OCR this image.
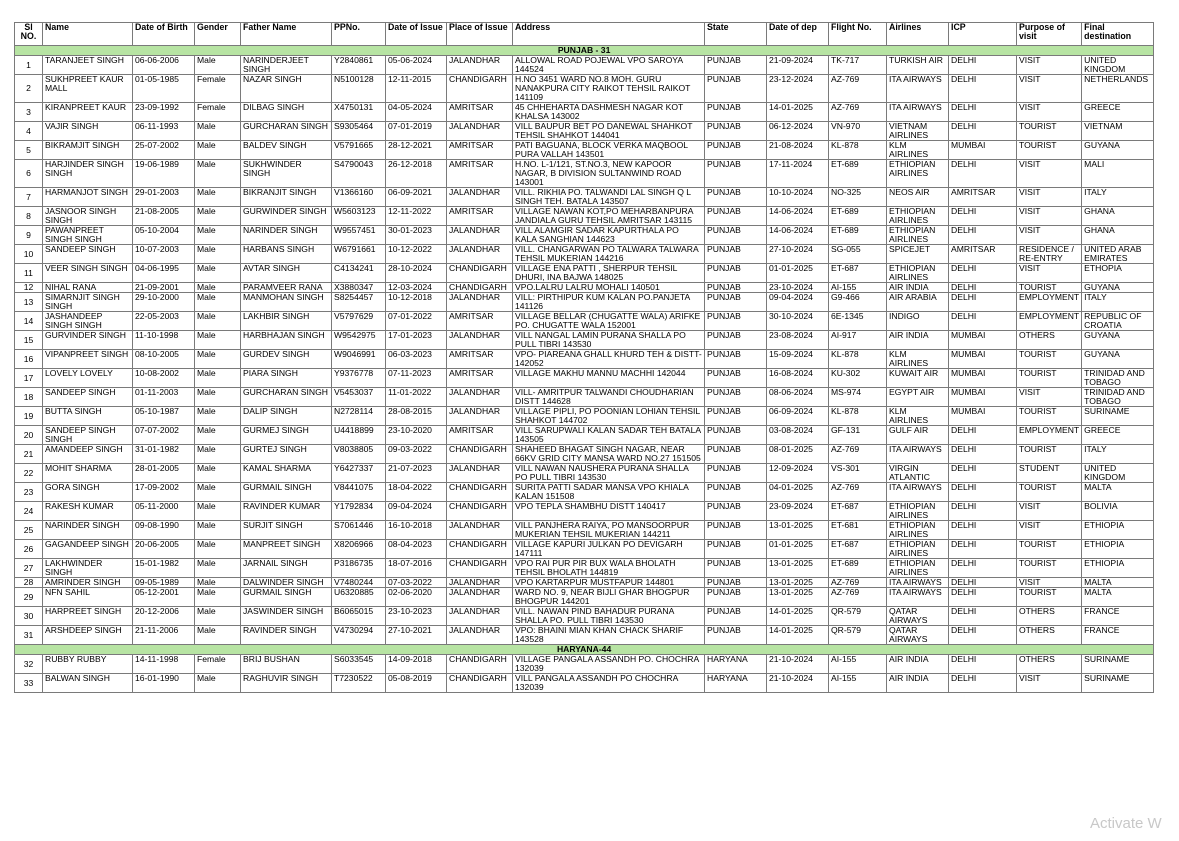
Sl NO.	Name	Date of Birth	Gender	Father Name	PPNo.	Date of Issue	Place of Issue	Address	State	Date of dep	Flight No.	Airlines	ICP	Purpose of visit	Final destination
PUNJAB - 31															
1	TARANJEET SINGH	06-06-2006	Male	NARINDERJEET SINGH	Y2840861	05-06-2024	JALANDHAR	ALLOWAL ROAD POJEWAL VPO SAROYA 144524	PUNJAB	21-09-2024	TK-717	TURKISH AIR	DELHI	VISIT	UNITED KINGDOM
2	SUKHPREET KAUR MALL	01-05-1985	Female	NAZAR SINGH	N5100128	12-11-2015	CHANDIGARH	H.NO 3451 WARD NO.8 MOH. GURU NANAKPURA CITY RAIKOT TEHSIL RAIKOT 141109	PUNJAB	23-12-2024	AZ-769	ITA AIRWAYS	DELHI	VISIT	NETHERLANDS
3	KIRANPREET KAUR	23-09-1992	Female	DILBAG SINGH	X4750131	04-05-2024	AMRITSAR	45 CHHEHARTA DASHMESH NAGAR KOT KHALSA 143002	PUNJAB	14-01-2025	AZ-769	ITA AIRWAYS	DELHI	VISIT	GREECE
4	VAJIR SINGH	06-11-1993	Male	GURCHARAN SINGH	S9305464	07-01-2019	JALANDHAR	VILL BAUPUR BET PO DANEWAL SHAHKOT TEHSIL SHAHKOT 144041	PUNJAB	06-12-2024	VN-970	VIETNAM AIRLINES	DELHI	TOURIST	VIETNAM
5	BIKRAMJIT SINGH	25-07-2002	Male	BALDEV SINGH	V5791665	28-12-2021	AMRITSAR	PATI BAGUANA, BLOCK VERKA MAQBOOL PURA VALLAH 143501	PUNJAB	21-08-2024	KL-878	KLM AIRLINES	MUMBAI	TOURIST	GUYANA
6	HARJINDER SINGH SINGH	19-06-1989	Male	SUKHWINDER SINGH	S4790043	26-12-2018	AMRITSAR	H.NO. L-1/121, ST.NO.3, NEW KAPOOR NAGAR, B DIVISION SULTANWIND ROAD 143001	PUNJAB	17-11-2024	ET-689	ETHIOPIAN AIRLINES	DELHI	VISIT	MALI
7	HARMANJOT SINGH	29-01-2003	Male	BIKRANJIT SINGH	V1366160	06-09-2021	JALANDHAR	VILL. RIKHIA PO. TALWANDI LAL SINGH Q L SINGH TEH. BATALA 143507	PUNJAB	10-10-2024	NO-325	NEOS AIR	AMRITSAR	VISIT	ITALY
8	JASNOOR SINGH SINGH	21-08-2005	Male	GURWINDER SINGH	W5603123	12-11-2022	AMRITSAR	VILLAGE NAWAN KOT,PO MEHARBANPURA JANDIALA GURU TEHSIL AMRITSAR 143115	PUNJAB	14-06-2024	ET-689	ETHIOPIAN AIRLINES	DELHI	VISIT	GHANA
9	PAWANPREET SINGH SINGH	05-10-2004	Male	NARINDER SINGH	W9557451	30-01-2023	JALANDHAR	VILL ALAMGIR SADAR KAPURTHALA PO KALA SANGHIAN 144623	PUNJAB	14-06-2024	ET-689	ETHIOPIAN AIRLINES	DELHI	VISIT	GHANA
10	SANDEEP SINGH	10-07-2003	Male	HARBANS SINGH	W6791661	10-12-2022	JALANDHAR	VILL. CHANGARWAN PO TALWARA TALWARA TEHSIL MUKERIAN 144216	PUNJAB	27-10-2024	SG-055	SPICEJET	AMRITSAR	RESIDENCE / RE-ENTRY	UNITED ARAB EMIRATES
11	VEER SINGH SINGH	04-06-1995	Male	AVTAR SINGH	C4134241	28-10-2024	CHANDIGARH	VILLAGE ENA PATTI , SHERPUR TEHSIL DHURI, INA BAJWA 148025	PUNJAB	01-01-2025	ET-687	ETHIOPIAN AIRLINES	DELHI	VISIT	ETHOPIA
12	NIHAL RANA	21-09-2001	Male	PARAMVEER RANA	X3880347	12-03-2024	CHANDIGARH	VPO.LALRU LALRU MOHALI 140501	PUNJAB	23-10-2024	AI-155	AIR INDIA	DELHI	TOURIST	GUYANA
13	SIMARNJIT SINGH SINGH	29-10-2000	Male	MANMOHAN SINGH	S8254457	10-12-2018	JALANDHAR	VILL: PIRTHIPUR KUM KALAN PO.PANJETA 141126	PUNJAB	09-04-2024	G9-466	AIR ARABIA	DELHI	EMPLOYMENT	ITALY
14	JASHANDEEP SINGH SINGH	22-05-2003	Male	LAKHBIR SINGH	V5797629	07-01-2022	AMRITSAR	VILLAGE BELLAR (CHUGATTE WALA) ARIFKE PO. CHUGATTE WALA 152001	PUNJAB	30-10-2024	6E-1345	INDIGO	DELHI	EMPLOYMENT	REPUBLIC OF CROATIA
15	GURVINDER SINGH	11-10-1998	Male	HARBHAJAN SINGH	W9542975	17-01-2023	JALANDHAR	VILL NANGAL LAMIN PURANA SHALLA PO PULL TIBRI 143530	PUNJAB	23-08-2024	AI-917	AIR INDIA	MUMBAI	OTHERS	GUYANA
16	VIPANPREET SINGH	08-10-2005	Male	GURDEV SINGH	W9046991	06-03-2023	AMRITSAR	VPO- PIAREANA GHALL KHURD TEH & DISTT- 142052	PUNJAB	15-09-2024	KL-878	KLM AIRLINES	MUMBAI	TOURIST	GUYANA
17	LOVELY LOVELY	10-08-2002	Male	PIARA SINGH	Y9376778	07-11-2023	AMRITSAR	VILLAGE MAKHU MANNU MACHHI 142044	PUNJAB	16-08-2024	KU-302	KUWAIT AIR	MUMBAI	TOURIST	TRINIDAD AND TOBAGO
18	SANDEEP SINGH	01-11-2003	Male	GURCHARAN SINGH	V5453037	11-01-2022	JALANDHAR	VILL- AMRITPUR TALWANDI CHOUDHARIAN DISTT 144628	PUNJAB	08-06-2024	MS-974	EGYPT AIR	MUMBAI	VISIT	TRINIDAD AND TOBAGO
19	BUTTA SINGH	05-10-1987	Male	DALIP SINGH	N2728114	28-08-2015	JALANDHAR	VILLAGE PIPLI, PO POONIAN LOHIAN TEHSIL SHAHKOT 144702	PUNJAB	06-09-2024	KL-878	KLM AIRLINES	MUMBAI	TOURIST	SURINAME
20	SANDEEP SINGH SINGH	07-07-2002	Male	GURMEJ SINGH	U4418899	23-10-2020	AMRITSAR	VILL SARUPWALI KALAN SADAR TEH BATALA 143505	PUNJAB	03-08-2024	GF-131	GULF AIR	DELHI	EMPLOYMENT	GREECE
21	AMANDEEP SINGH	31-01-1982	Male	GURTEJ SINGH	V8038805	09-03-2022	CHANDIGARH	SHAHEED BHAGAT SINGH NAGAR, NEAR 66KV GRID CITY MANSA WARD NO.27 151505	PUNJAB	08-01-2025	AZ-769	ITA AIRWAYS	DELHI	TOURIST	ITALY
22	MOHIT SHARMA	28-01-2005	Male	KAMAL SHARMA	Y6427337	21-07-2023	JALANDHAR	VILL NAWAN NAUSHERA PURANA SHALLA PO PULL TIBRI 143530	PUNJAB	12-09-2024	VS-301	VIRGIN ATLANTIC	DELHI	STUDENT	UNITED KINGDOM
23	GORA SINGH	17-09-2002	Male	GURMAIL SINGH	V8441075	18-04-2022	CHANDIGARH	SURITA PATTI SADAR MANSA VPO KHIALA KALAN 151508	PUNJAB	04-01-2025	AZ-769	ITA AIRWAYS	DELHI	TOURIST	MALTA
24	RAKESH KUMAR	05-11-2000	Male	RAVINDER KUMAR	Y1792834	09-04-2024	CHANDIGARH	VPO TEPLA SHAMBHU DISTT 140417	PUNJAB	23-09-2024	ET-687	ETHIOPIAN AIRLINES	DELHI	VISIT	BOLIVIA
25	NARINDER SINGH	09-08-1990	Male	SURJIT SINGH	S7061446	16-10-2018	JALANDHAR	VILL PANJHERA RAIYA, PO MANSOORPUR MUKERIAN TEHSIL MUKERIAN 144211	PUNJAB	13-01-2025	ET-681	ETHIOPIAN AIRLINES	DELHI	VISIT	ETHIOPIA
26	GAGANDEEP SINGH	20-06-2005	Male	MANPREET SINGH	X8206966	08-04-2023	CHANDIGARH	VILLAGE KAPURI JULKAN PO DEVIGARH 147111	PUNJAB	01-01-2025	ET-687	ETHIOPIAN AIRLINES	DELHI	TOURIST	ETHIOPIA
27	LAKHWINDER SINGH	15-01-1982	Male	JARNAIL SINGH	P3186735	18-07-2016	CHANDIGARH	VPO RAI PUR PIR BUX WALA BHOLATH TEHSIL BHOLATH 144819	PUNJAB	13-01-2025	ET-689	ETHIOPIAN AIRLINES	DELHI	TOURIST	ETHIOPIA
28	AMRINDER SINGH	09-05-1989	Male	DALWINDER SINGH	V7480244	07-03-2022	JALANDHAR	VPO KARTARPUR MUSTFAPUR 144801	PUNJAB	13-01-2025	AZ-769	ITA AIRWAYS	DELHI	VISIT	MALTA
29	NFN SAHIL	05-12-2001	Male	GURMAIL SINGH	U6320885	02-06-2020	JALANDHAR	WARD NO. 9, NEAR BIJLI GHAR BHOGPUR BHOGPUR 144201	PUNJAB	13-01-2025	AZ-769	ITA AIRWAYS	DELHI	TOURIST	MALTA
30	HARPREET SINGH	20-12-2006	Male	JASWINDER SINGH	B6065015	23-10-2023	JALANDHAR	VILL. NAWAN PIND BAHADUR PURANA SHALLA PO. PULL TIBRI 143530	PUNJAB	14-01-2025	QR-579	QATAR AIRWAYS	DELHI	OTHERS	FRANCE
31	ARSHDEEP SINGH	21-11-2006	Male	RAVINDER SINGH	V4730294	27-10-2021	JALANDHAR	VPO: BHAINI MIAN KHAN CHACK SHARIF 143528	PUNJAB	14-01-2025	QR-579	QATAR AIRWAYS	DELHI	OTHERS	FRANCE
HARYANA-44															
32	RUBBY RUBBY	14-11-1998	Female	BRIJ BUSHAN	S6033545	14-09-2018	CHANDIGARH	VILLAGE PANGALA ASSANDH PO. CHOCHRA 132039	HARYANA	21-10-2024	AI-155	AIR INDIA	DELHI	OTHERS	SURINAME
33	BALWAN SINGH	16-01-1990	Male	RAGHUVIR SINGH	T7230522	05-08-2019	CHANDIGARH	VILL PANGALA ASSANDH PO CHOCHRA 132039	HARYANA	21-10-2024	AI-155	AIR INDIA	DELHI	VISIT	SURINAME
Activate W
